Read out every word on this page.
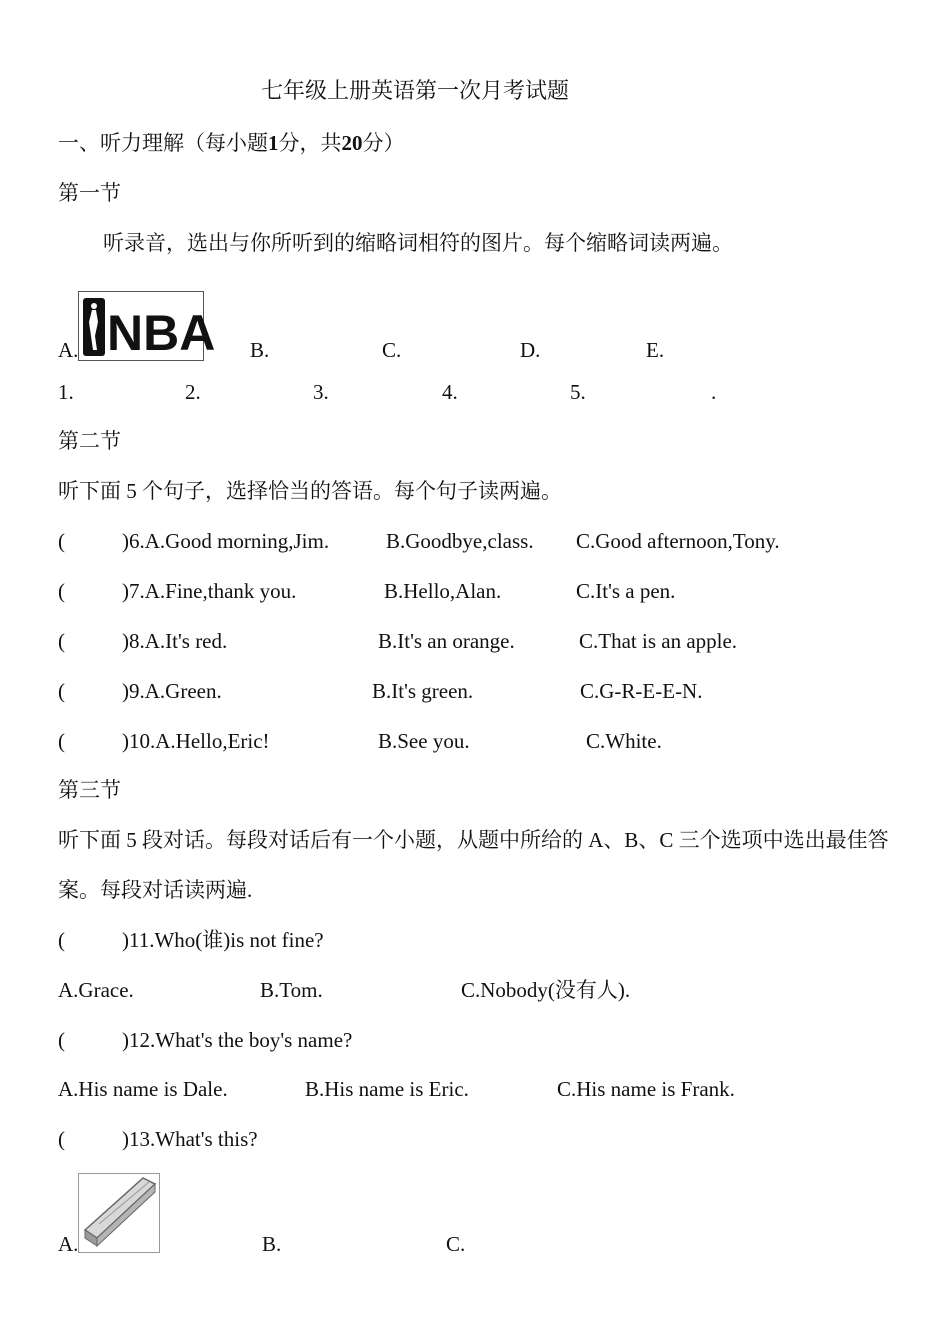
七年级上册英语第一次月考试题
一、听力理解（每小题1分，共20分）
第一节
听录音，选出与你所听到的缩略词相符的图片。每个缩略词读两遍。
A. NBA B.	C.	D.	E.
1.	2.	3.	4.	5.	.
第二节
听下面 5 个句子，选择恰当的答语。每个句子读两遍。
(	)6.A.Good morning,Jim.	B.Goodbye,class. C.Good afternoon,Tony.
(	)7.A.Fine,thank you.	B.Hello,Alan.	C.It's a pen.
(	)8.A.It's red.	B.It's an orange.	C.That is an apple.
(	)9.A.Green.	B.It's green.	C.G-R-E-E-N.
(	)10.A.Hello,Eric!	B.See you.	C.White.
第三节
听下面 5 段对话。每段对话后有一个小题，从题中所给的 A、B、C 三个选项中选出最佳答案。每段对话读两遍.
(	)11.Who(谁)is not fine?
A.Grace.	B.Tom.	C.Nobody(没有人).
(	)12.What's the boy's name?
A.His name is Dale.	B.His name is Eric.	C.His name is Frank.
(	)13.What's this?
A.	B.	C.
